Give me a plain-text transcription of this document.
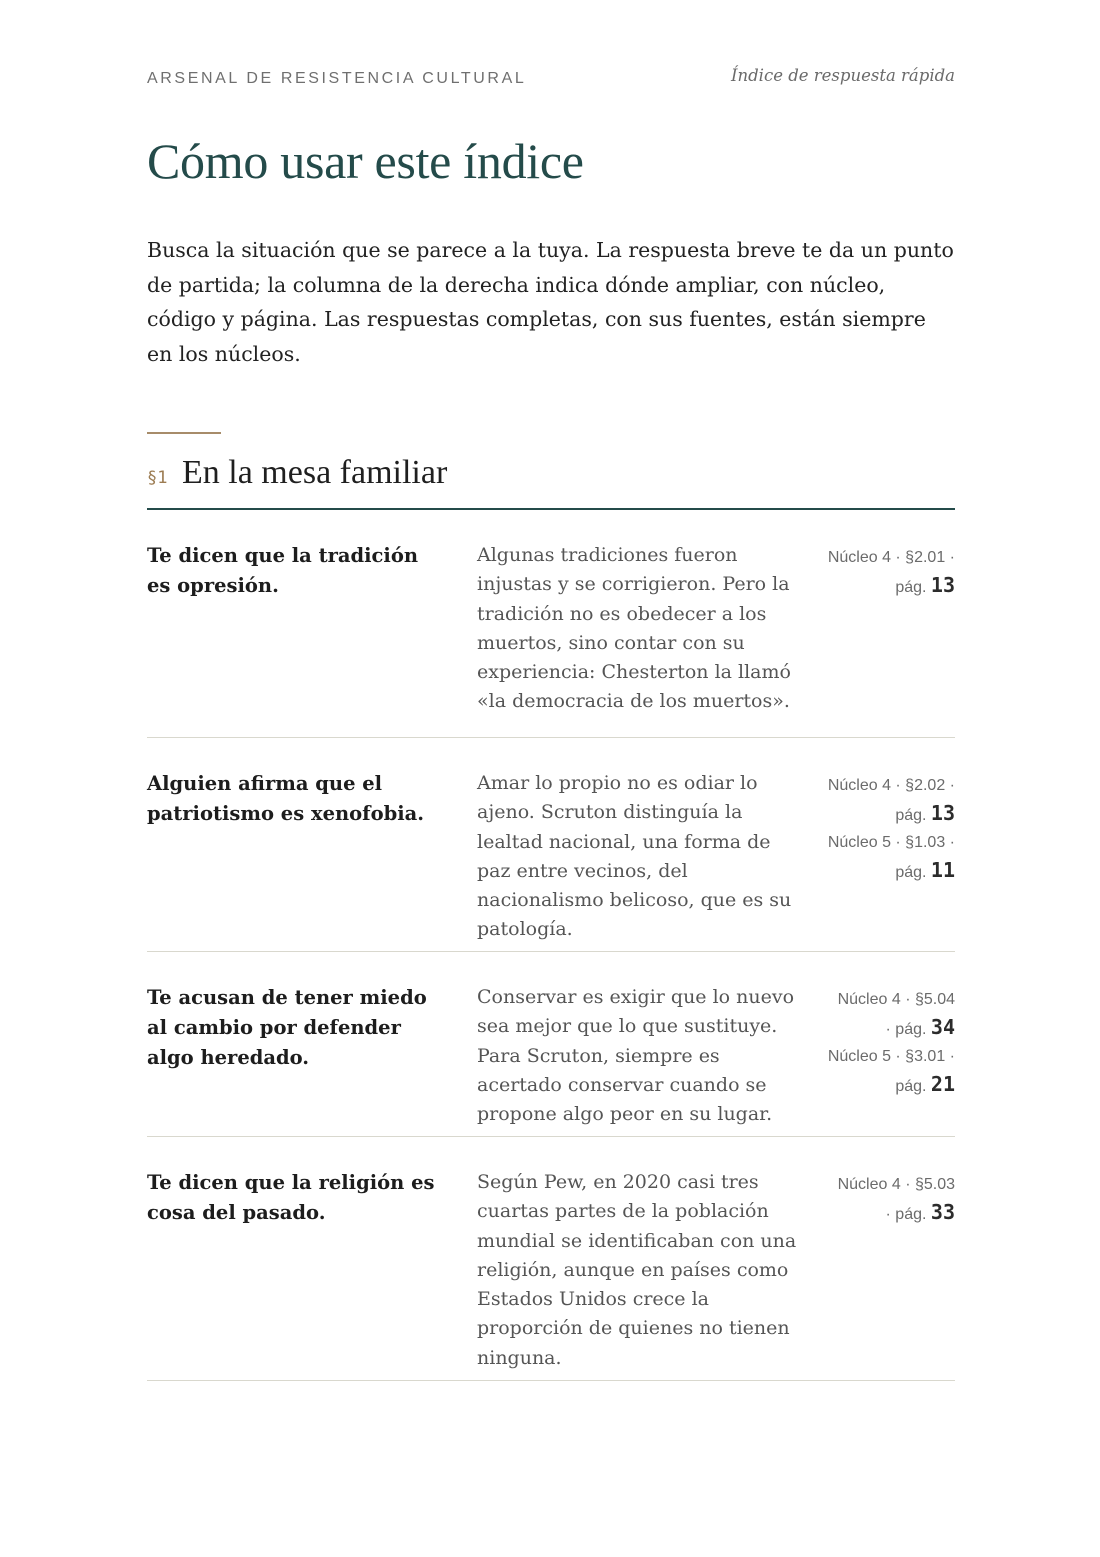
ARSENAL DE RESISTENCIA CULTURAL	Índice de respuesta rápida
Cómo usar este índice

Busca la situación que se parece a la tuya. La respuesta breve te da un punto de partida; la columna de la derecha indica dónde ampliar, con núcleo, código y página. Las respuestas completas, con sus fuentes, están siempre en los núcleos.

§1 En la mesa familiar

Te dicen que la tradición es opresión.

Algunas tradiciones fueron injustas y se corrigieron. Pero la tradición no es obedecer a los muertos, sino contar con su experiencia: Chesterton la llamó «la democracia de los muertos».

Núcleo 4 · §2.01 ·
pág. 13

Alguien afirma que el patriotismo es xenofobia.

Amar lo propio no es odiar lo ajeno. Scruton distinguía la lealtad nacional, una forma de paz entre vecinos, del nacionalismo belicoso, que es su patología.

Núcleo 4 · §2.02 ·
pág. 13
Núcleo 5 · §1.03 ·
pág. 11

Te acusan de tener miedo al cambio por defender algo heredado.

Conservar es exigir que lo nuevo sea mejor que lo que sustituye. Para Scruton, siempre es acertado conservar cuando se propone algo peor en su lugar.

Núcleo 4 · §5.04
· pág. 34
Núcleo 5 · §3.01 ·
pág. 21

Te dicen que la religión es cosa del pasado.

Según Pew, en 2020 casi tres cuartas partes de la población mundial se identificaban con una religión, aunque en países como Estados Unidos crece la proporción de quienes no tienen ninguna.

Núcleo 4 · §5.03
· pág. 33
